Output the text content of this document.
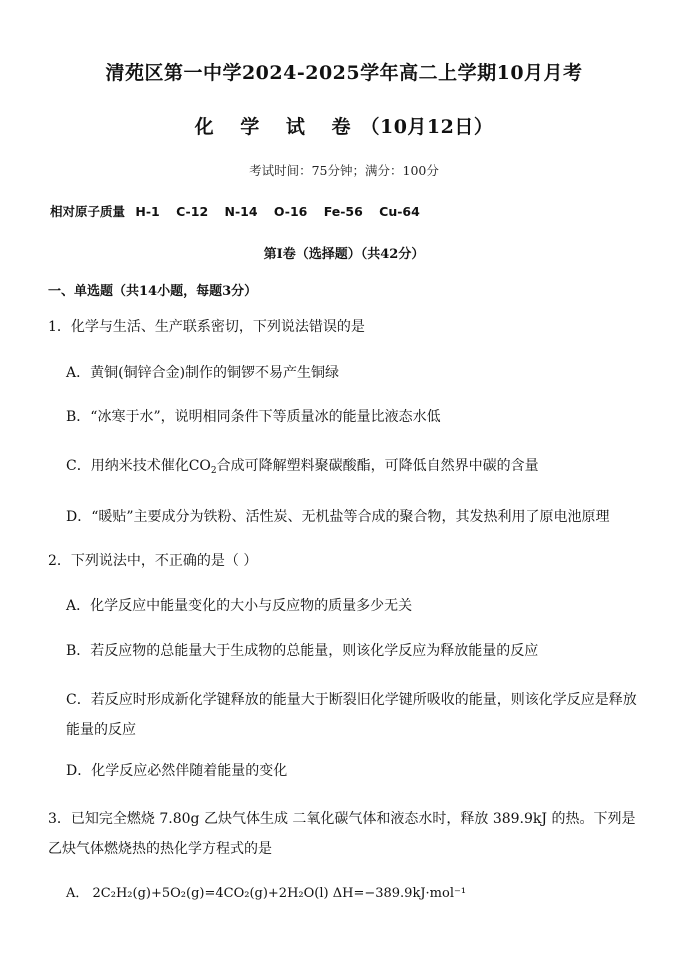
清苑区第一中学2024-2025学年高二上学期10月月考
化 学 试 卷（10月12日）
考试时间：75分钟；满分：100分
相对原子质量 H-1 C-12 N-14 O-16 Fe-56 Cu-64
第Ⅰ卷（选择题）（共42分）
一、单选题（共14小题，每题3分）
1．化学与生活、生产联系密切，下列说法错误的是
A．黄铜(铜锌合金)制作的铜锣不易产生铜绿
B．“冰寒于水”，说明相同条件下等质量冰的能量比液态水低
C．用纳米技术催化$CO_2$合成可降解塑料聚碳酸酯，可降低自然界中碳的含量
D．“暖贴”主要成分为铁粉、活性炭、无机盐等合成的聚合物，其发热利用了原电池原理
2．下列说法中，不正确的是（ ）
A．化学反应中能量变化的大小与反应物的质量多少无关
B．若反应物的总能量大于生成物的总能量，则该化学反应为释放能量的反应
C．若反应时形成新化学键释放的能量大于断裂旧化学键所吸收的能量，则该化学反应是释放能量的反应
D．化学反应必然伴随着能量的变化
3．已知完全燃烧 7.80g 乙炔气体生成 二氧化碳气体和液态水时，释放 389.9kJ 的热。下列是乙炔气体燃烧热的热化学方程式的是
A． 2C₂H₂(g)+5O₂(g)=4CO₂(g)+2H₂O(l) ΔH=−389.9kJ·mol⁻¹
